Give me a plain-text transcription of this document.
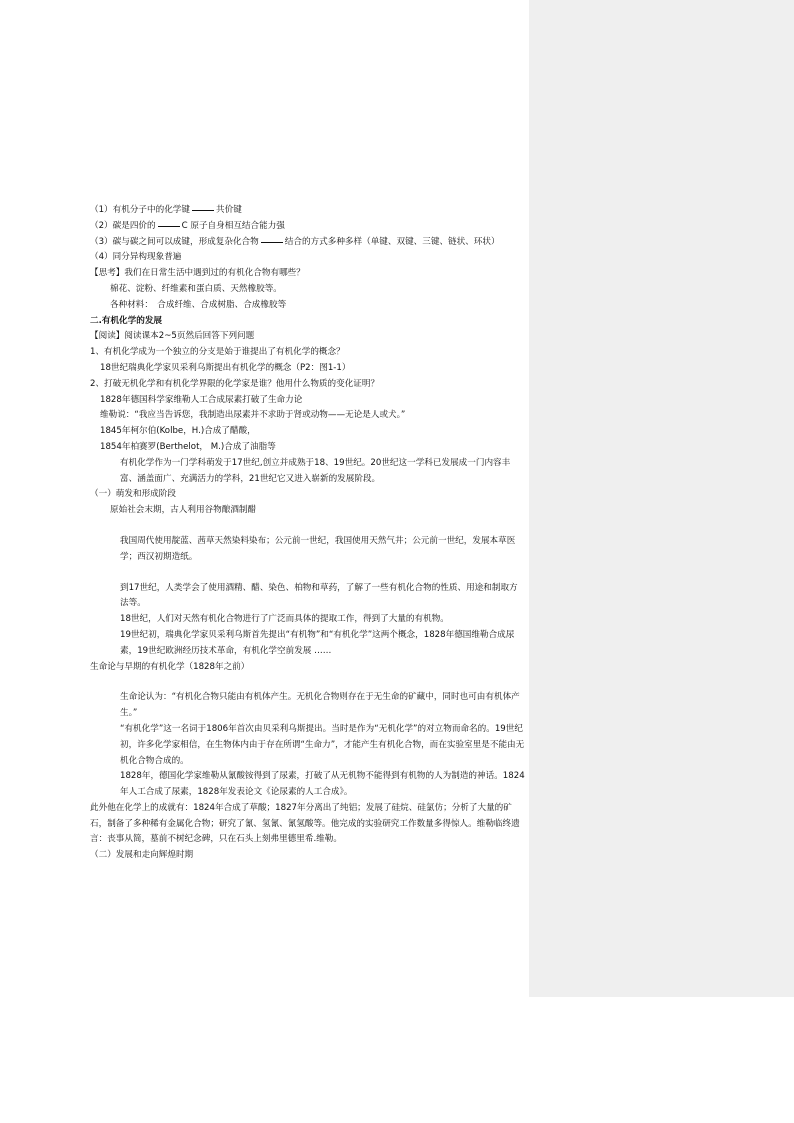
（1）有机分子中的化学键	共价键

（2）碳是四价的	C 原子自身相互结合能力强

（3）碳与碳之间可以成键，形成复杂化合物	结合的方式多种多样（单键、双键、三键、链状、环状）

（4）同分异构现象普遍

【思考】我们在日常生活中遇到过的有机化合物有哪些？

棉花、淀粉、纤维素和蛋白质、天然橡胶等。

各种材料：　合成纤维、合成树脂、合成橡胶等

二.有机化学的发展

【阅读】阅读课本2~5页然后回答下列问题

1、有机化学成为一个独立的分支是始于谁提出了有机化学的概念？

18世纪瑞典化学家贝采利乌斯提出有机化学的概念（P2：图1-1）

2、打破无机化学和有机化学界限的化学家是谁？他用什么物质的变化证明？

1828年德国科学家维勒人工合成尿素打破了生命力论

维勒说：“我应当告诉您，我制造出尿素并不求助于肾或动物——无论是人或犬。”

1845年柯尔伯(Kolbe，H.)合成了醋酸，

1854年柏赛罗(Berthelot， M.)合成了油脂等

有机化学作为一门学科萌发于17世纪,创立并成熟于18、19世纪。20世纪这一学科已发展成一门内容丰富、涵盖面广、充满活力的学科，21世纪它又进入崭新的发展阶段。

（一）萌发和形成阶段

原始社会末期，古人利用谷物酿酒制醋

我国周代使用靛蓝、茜草天然染料染布；公元前一世纪，我国使用天然气井；公元前一世纪，发展本草医学；西汉初期造纸。

到17世纪，人类学会了使用酒精、醋、染色、柏物和草药，了解了一些有机化合物的性质、用途和制取方法等。

18世纪，人们对天然有机化合物进行了广泛而具体的提取工作，得到了大量的有机物。

19世纪初，瑞典化学家贝采利乌斯首先提出“有机物”和“有机化学”这两个概念，1828年德国维勒合成尿素，19世纪欧洲经历技术革命，有机化学空前发展 ……

生命论与早期的有机化学（1828年之前）

生命论认为：“有机化合物只能由有机体产生。无机化合物则存在于无生命的矿藏中，同时也可由有机体产生。”

“有机化学”这一名词于1806年首次由贝采利乌斯提出。当时是作为“无机化学”的对立物而命名的。19世纪初，许多化学家相信，在生物体内由于存在所谓“生命力”，才能产生有机化合物，而在实验室里是不能由无机化合物合成的。

1828年，德国化学家维勒从氰酸铵得到了尿素，打破了从无机物不能得到有机物的人为制造的神话。1824年人工合成了尿素，1828年发表论文《论尿素的人工合成》。

此外他在化学上的成就有：1824年合成了草酸；1827年分离出了纯铝；发展了硅烷、硅氯仿；分析了大量的矿石，制备了多种稀有金属化合物；研究了氰、氢氰、氰氢酸等。他完成的实验研究工作数量多得惊人。维勒临终遗言：丧事从简，墓前不树纪念碑，只在石头上刻弗里德里希.维勒。

（二）发展和走向辉煌时期
